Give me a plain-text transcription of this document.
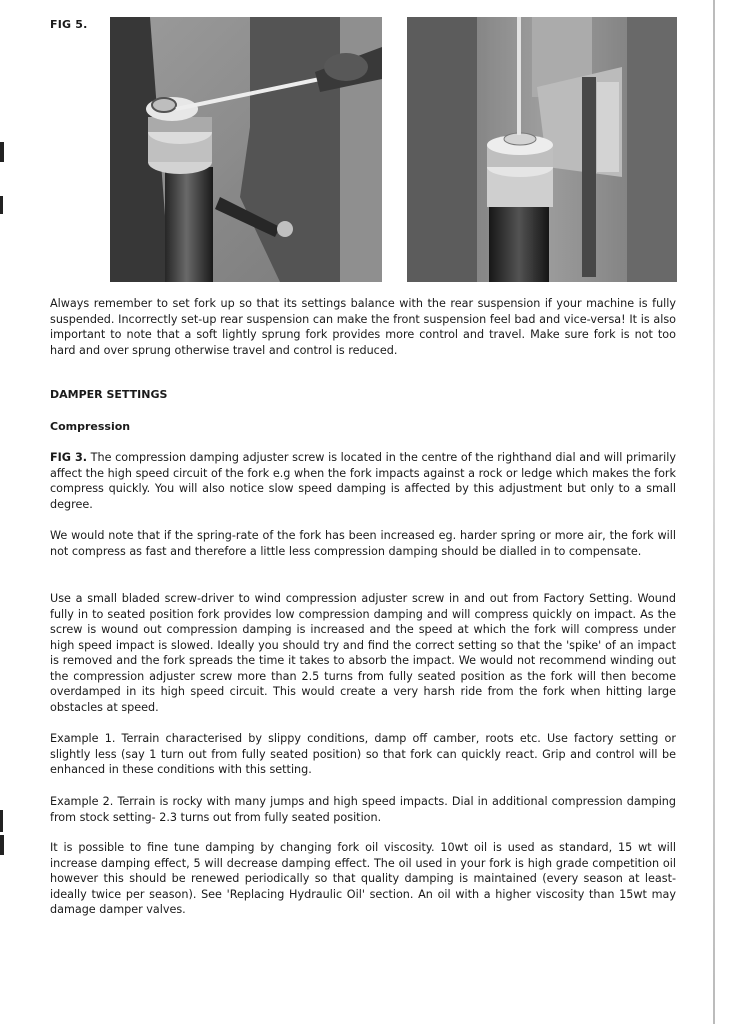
FIG 5.
Always remember to set fork up so that its settings balance with the rear suspension if your machine is fully suspended. Incorrectly set-up rear suspension can make the front suspension feel bad and vice-versa! It is also important to note that a soft lightly sprung fork provides more control and travel. Make sure fork is not too hard and over sprung otherwise travel and control is reduced.
DAMPER SETTINGS
Compression
FIG 3. The compression damping adjuster screw is located in the centre of the righthand dial and will primarily affect the high speed circuit of the fork e.g when the fork impacts against a rock or ledge which makes the fork compress quickly. You will also notice slow speed damping is affected by this adjustment but only to a small degree.
We would note that if the spring-rate of the fork has been increased eg. harder spring or more air, the fork will not compress as fast and therefore a little less compression damping should be dialled in to compensate.
Use a small bladed screw-driver to wind compression adjuster screw in and out from Factory Setting. Wound fully in to seated position fork provides low compression damping and will compress quickly on impact. As the screw is wound out compression damping is increased and the speed at which the fork will compress under high speed impact is slowed. Ideally you should try and find the correct setting so that the 'spike' of an impact is removed and the fork spreads the time it takes to absorb the impact. We would not recommend winding out the compression adjuster screw more than 2.5 turns from fully seated position as the fork will then become overdamped in its high speed circuit. This would create a very harsh ride from the fork when hitting large obstacles at speed.
Example 1. Terrain characterised by slippy conditions, damp off camber, roots etc. Use factory setting or slightly less (say 1 turn out from fully seated position) so that fork can quickly react. Grip and control will be enhanced in these conditions with this setting.
Example 2. Terrain is rocky with many jumps and high speed impacts. Dial in additional compression damping from stock setting- 2.3 turns out from fully seated position.
It is possible to fine tune damping by changing fork oil viscosity. 10wt oil is used as standard, 15 wt will increase damping effect, 5 will decrease damping effect. The oil used in your fork is high grade competition oil however this should be renewed periodically so that quality damping is maintained (every season at least- ideally twice per season). See 'Replacing Hydraulic Oil' section. An oil with a higher viscosity than 15wt may damage damper valves.
